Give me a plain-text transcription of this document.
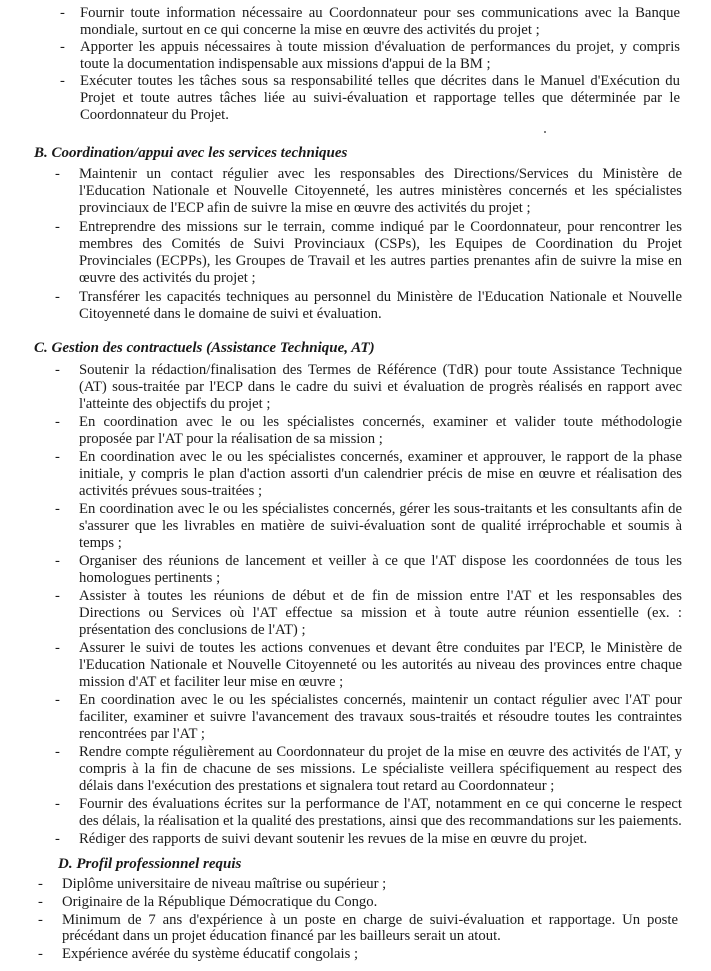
- Fournir toute information nécessaire au Coordonnateur pour ses communications avec la Banque mondiale, surtout en ce qui concerne la mise en œuvre des activités du projet ;
- Apporter les appuis nécessaires à toute mission d'évaluation de performances du projet, y compris toute la documentation indispensable aux missions d'appui de la BM ;
- Exécuter toutes les tâches sous sa responsabilité telles que décrites dans le Manuel d'Exécution du Projet et toute autres tâches liée au suivi-évaluation et rapportage telles que déterminée par le Coordonnateur du Projet.
B. Coordination/appui avec les services techniques
- Maintenir un contact régulier avec les responsables des Directions/Services du Ministère de l'Education Nationale et Nouvelle Citoyenneté, les autres ministères concernés et les spécialistes provinciaux de l'ECP afin de suivre la mise en œuvre des activités du projet ;
- Entreprendre des missions sur le terrain, comme indiqué par le Coordonnateur, pour rencontrer les membres des Comités de Suivi Provinciaux (CSPs), les Equipes de Coordination du Projet Provinciales (ECPPs), les Groupes de Travail et les autres parties prenantes afin de suivre la mise en œuvre des activités du projet ;
- Transférer les capacités techniques au personnel du Ministère de l'Education Nationale et Nouvelle Citoyenneté dans le domaine de suivi et évaluation.
C. Gestion des contractuels (Assistance Technique, AT)
- Soutenir la rédaction/finalisation des Termes de Référence (TdR) pour toute Assistance Technique (AT) sous-traitée par l'ECP dans le cadre du suivi et évaluation de progrès réalisés en rapport avec l'atteinte des objectifs du projet ;
- En coordination avec le ou les spécialistes concernés, examiner et valider toute méthodologie proposée par l'AT pour la réalisation de sa mission ;
- En coordination avec le ou les spécialistes concernés, examiner et approuver, le rapport de la phase initiale, y compris le plan d'action assorti d'un calendrier précis de mise en œuvre et réalisation des activités prévues sous-traitées ;
- En coordination avec le ou les spécialistes concernés, gérer les sous-traitants et les consultants afin de s'assurer que les livrables en matière de suivi-évaluation sont de qualité irréprochable et soumis à temps ;
- Organiser des réunions de lancement et veiller à ce que l'AT dispose les coordonnées de tous les homologues pertinents ;
- Assister à toutes les réunions de début et de fin de mission entre l'AT et les responsables des Directions ou Services où l'AT effectue sa mission et à toute autre réunion essentielle (ex. : présentation des conclusions de l'AT) ;
- Assurer le suivi de toutes les actions convenues et devant être conduites par l'ECP, le Ministère de l'Education Nationale et Nouvelle Citoyenneté ou les autorités au niveau des provinces entre chaque mission d'AT et faciliter leur mise en œuvre ;
- En coordination avec le ou les spécialistes concernés, maintenir un contact régulier avec l'AT pour faciliter, examiner et suivre l'avancement des travaux sous-traités et résoudre toutes les contraintes rencontrées par l'AT ;
- Rendre compte régulièrement au Coordonnateur du projet de la mise en œuvre des activités de l'AT, y compris à la fin de chacune de ses missions. Le spécialiste veillera spécifiquement au respect des délais dans l'exécution des prestations et signalera tout retard au Coordonnateur ;
- Fournir des évaluations écrites sur la performance de l'AT, notamment en ce qui concerne le respect des délais, la réalisation et la qualité des prestations, ainsi que des recommandations sur les paiements.
- Rédiger des rapports de suivi devant soutenir les revues de la mise en œuvre du projet.
D. Profil professionnel requis
- Diplôme universitaire de niveau maîtrise ou supérieur ;
- Originaire de la République Démocratique du Congo.
- Minimum de 7 ans d'expérience à un poste en charge de suivi-évaluation et rapportage. Un poste précédant dans un projet éducation financé par les bailleurs serait un atout.
- Expérience avérée du système éducatif congolais ;
